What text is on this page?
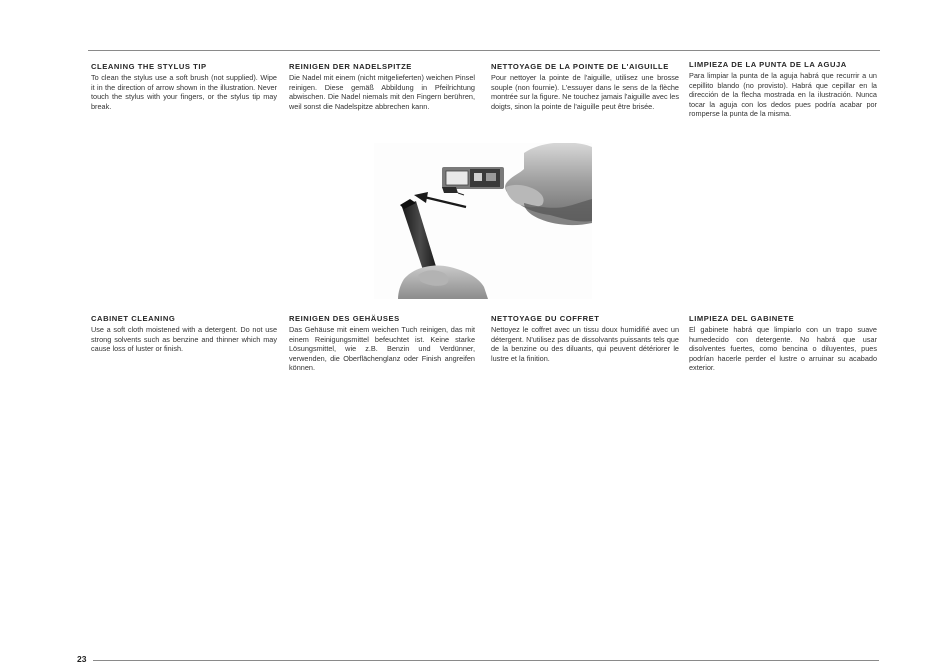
CLEANING THE STYLUS TIP

To clean the stylus use a soft brush (not supplied). Wipe it in the direction of arrow shown in the illustration. Never touch the stylus with your fingers, or the stylus tip may break.

REINIGEN DER NADELSPITZE

Die Nadel mit einem (nicht mitgelieferten) weichen Pinsel reinigen. Diese gemäß Abbildung in Pfeilrichtung abwischen. Die Nadel niemals mit den Fingern berühren, weil sonst die Nadelspitze abbrechen kann.

NETTOYAGE DE LA POINTE DE L'AIGUILLE

Pour nettoyer la pointe de l'aiguille, utilisez une brosse souple (non fournie). L'essuyer dans le sens de la flèche montrée sur la figure. Ne touchez jamais l'aiguille avec les doigts, sinon la pointe de l'aiguille peut être brisée.

LIMPIEZA DE LA PUNTA DE LA AGUJA

Para limpiar la punta de la aguja habrá que recurrir a un cepillito blando (no provisto). Habrá que cepillar en la dirección de la flecha mostrada en la ilustración. Nunca tocar la aguja con los dedos pues podría acabar por romperse la punta de la misma.

CABINET CLEANING

Use a soft cloth moistened with a detergent. Do not use strong solvents such as benzine and thinner which may cause loss of luster or finish.

REINIGEN DES GEHÄUSES

Das Gehäuse mit einem weichen Tuch reinigen, das mit einem Reinigungsmittel befeuchtet ist. Keine starke Lösungsmittel, wie z.B. Benzin und Verdünner, verwenden, die Oberflächenglanz oder Finish angreifen können.

NETTOYAGE DU COFFRET

Nettoyez le coffret avec un tissu doux humidifié avec un détergent. N'utilisez pas de dissolvants puissants tels que de la benzine ou des diluants, qui peuvent détériorer le lustre et la finition.

LIMPIEZA DEL GABINETE

El gabinete habrá que limpiarlo con un trapo suave humedecido con detergente. No habrá que usar disolventes fuertes, como bencina o diluyentes, pues podrían hacerle perder el lustre o arruinar su acabado exterior.

23
